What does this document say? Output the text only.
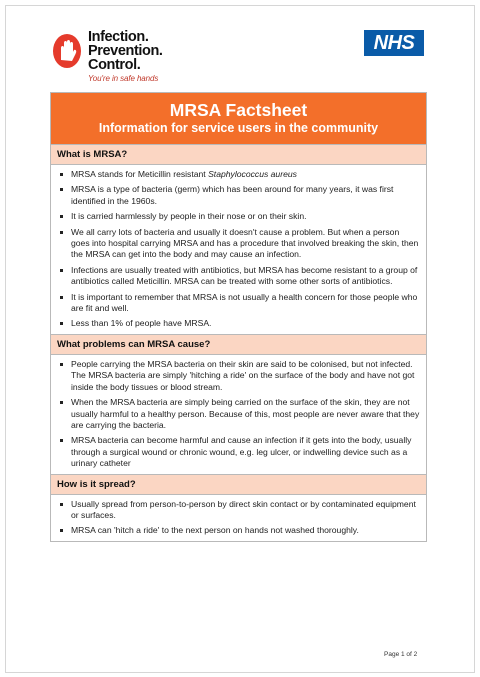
Infection.
Prevention.
Control.
You're in safe hands
NHS
MRSA Factsheet
Information for service users in the community
What is MRSA?
MRSA stands for Meticillin resistant Staphylococcus aureus
MRSA is a type of bacteria (germ) which has been around for many years, it was first identified in the 1960s.
It is carried harmlessly by people in their nose or on their skin.
We all carry lots of bacteria and usually it doesn't cause a problem. But when a person goes into hospital carrying MRSA and has a procedure that involved breaking the skin, then the MRSA can get into the body and may cause an infection.
Infections are usually treated with antibiotics, but MRSA has become resistant to a group of antibiotics called Meticillin. MRSA can be treated with some other sorts of antibiotics.
It is important to remember that MRSA is not usually a health concern for those people who are fit and well.
Less than 1% of people have MRSA.
What problems can MRSA cause?
People carrying the MRSA bacteria on their skin are said to be colonised, but not infected. The MRSA bacteria are simply 'hitching a ride' on the surface of the body and have not got inside the body tissues or blood stream.
When the MRSA bacteria are simply being carried on the surface of the skin, they are not usually harmful to a healthy person. Because of this, most people are never aware that they are carrying the bacteria.
MRSA bacteria can become harmful and cause an infection if it gets into the body, usually through a surgical wound or chronic wound, e.g. leg ulcer, or indwelling device such as a urinary catheter
How is it spread?
Usually spread from person-to-person by direct skin contact or by contaminated equipment or surfaces.
MRSA can 'hitch a ride' to the next person on hands not washed thoroughly.
Page 1 of 2
